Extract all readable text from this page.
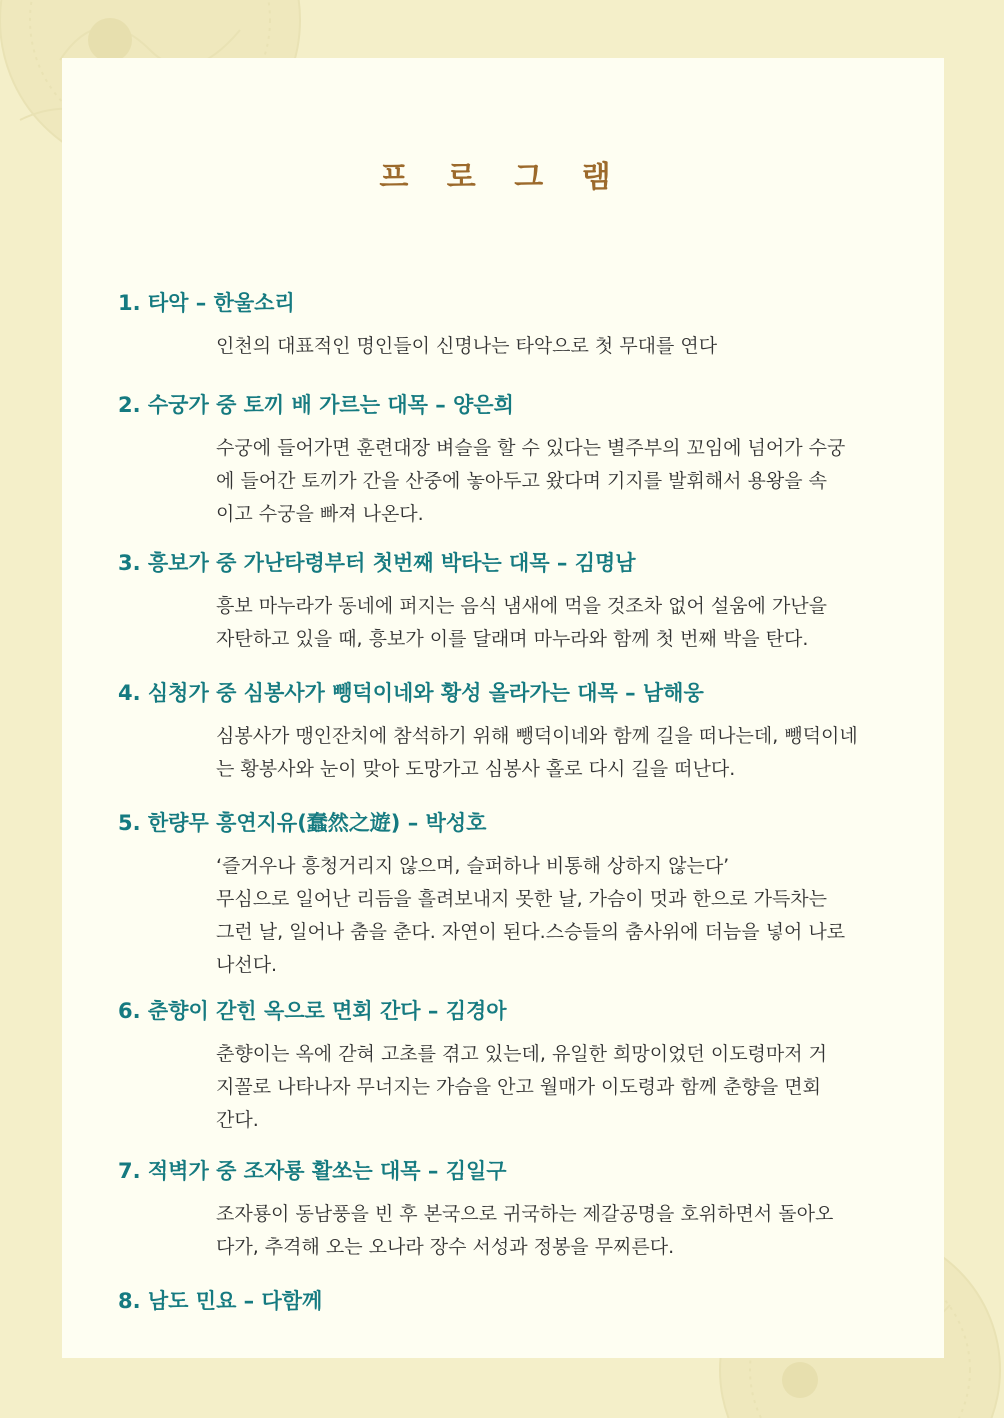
프 로 그 램
1. 타악 – 한울소리

인천의 대표적인 명인들이 신명나는 타악으로 첫 무대를 연다

2. 수궁가 중 토끼 배 가르는 대목 – 양은희

수궁에 들어가면 훈련대장 벼슬을 할 수 있다는 별주부의 꼬임에 넘어가 수궁

에 들어간 토끼가 간을 산중에 놓아두고 왔다며 기지를 발휘해서 용왕을 속

이고 수궁을 빠져 나온다.

3. 흥보가 중 가난타령부터 첫번째 박타는 대목 – 김명남

흥보 마누라가 동네에 퍼지는 음식 냄새에 먹을 것조차 없어 설움에 가난을

자탄하고 있을 때, 흥보가 이를 달래며 마누라와 함께 첫 번째 박을 탄다.

4. 심청가 중 심봉사가 뺑덕이네와 황성 올라가는 대목 – 남해웅

심봉사가 맹인잔치에 참석하기 위해 뺑덕이네와 함께 길을 떠나는데, 뺑덕이네

는 황봉사와 눈이 맞아 도망가고 심봉사 홀로 다시 길을 떠난다.

5. 한량무 흥연지유(蠢然之遊) – 박성호

‘즐거우나 흥청거리지 않으며, 슬퍼하나 비통해 상하지 않는다’

무심으로 일어난 리듬을 흘려보내지 못한 날, 가슴이 멋과 한으로 가득차는

그런 날, 일어나 춤을 춘다. 자연이 된다.스승들의 춤사위에 더늠을 넣어 나로

나선다.

6. 춘향이 갇힌 옥으로 면회 간다 – 김경아

춘향이는 옥에 갇혀 고초를 겪고 있는데, 유일한 희망이었던 이도령마저 거

지꼴로 나타나자 무너지는 가슴을 안고 월매가 이도령과 함께 춘향을 면회

간다.

7. 적벽가 중 조자룡 활쏘는 대목 – 김일구

조자룡이 동남풍을 빈 후 본국으로 귀국하는 제갈공명을 호위하면서 돌아오

다가, 추격해 오는 오나라 장수 서성과 정봉을 무찌른다.

8. 남도 민요 – 다함께
